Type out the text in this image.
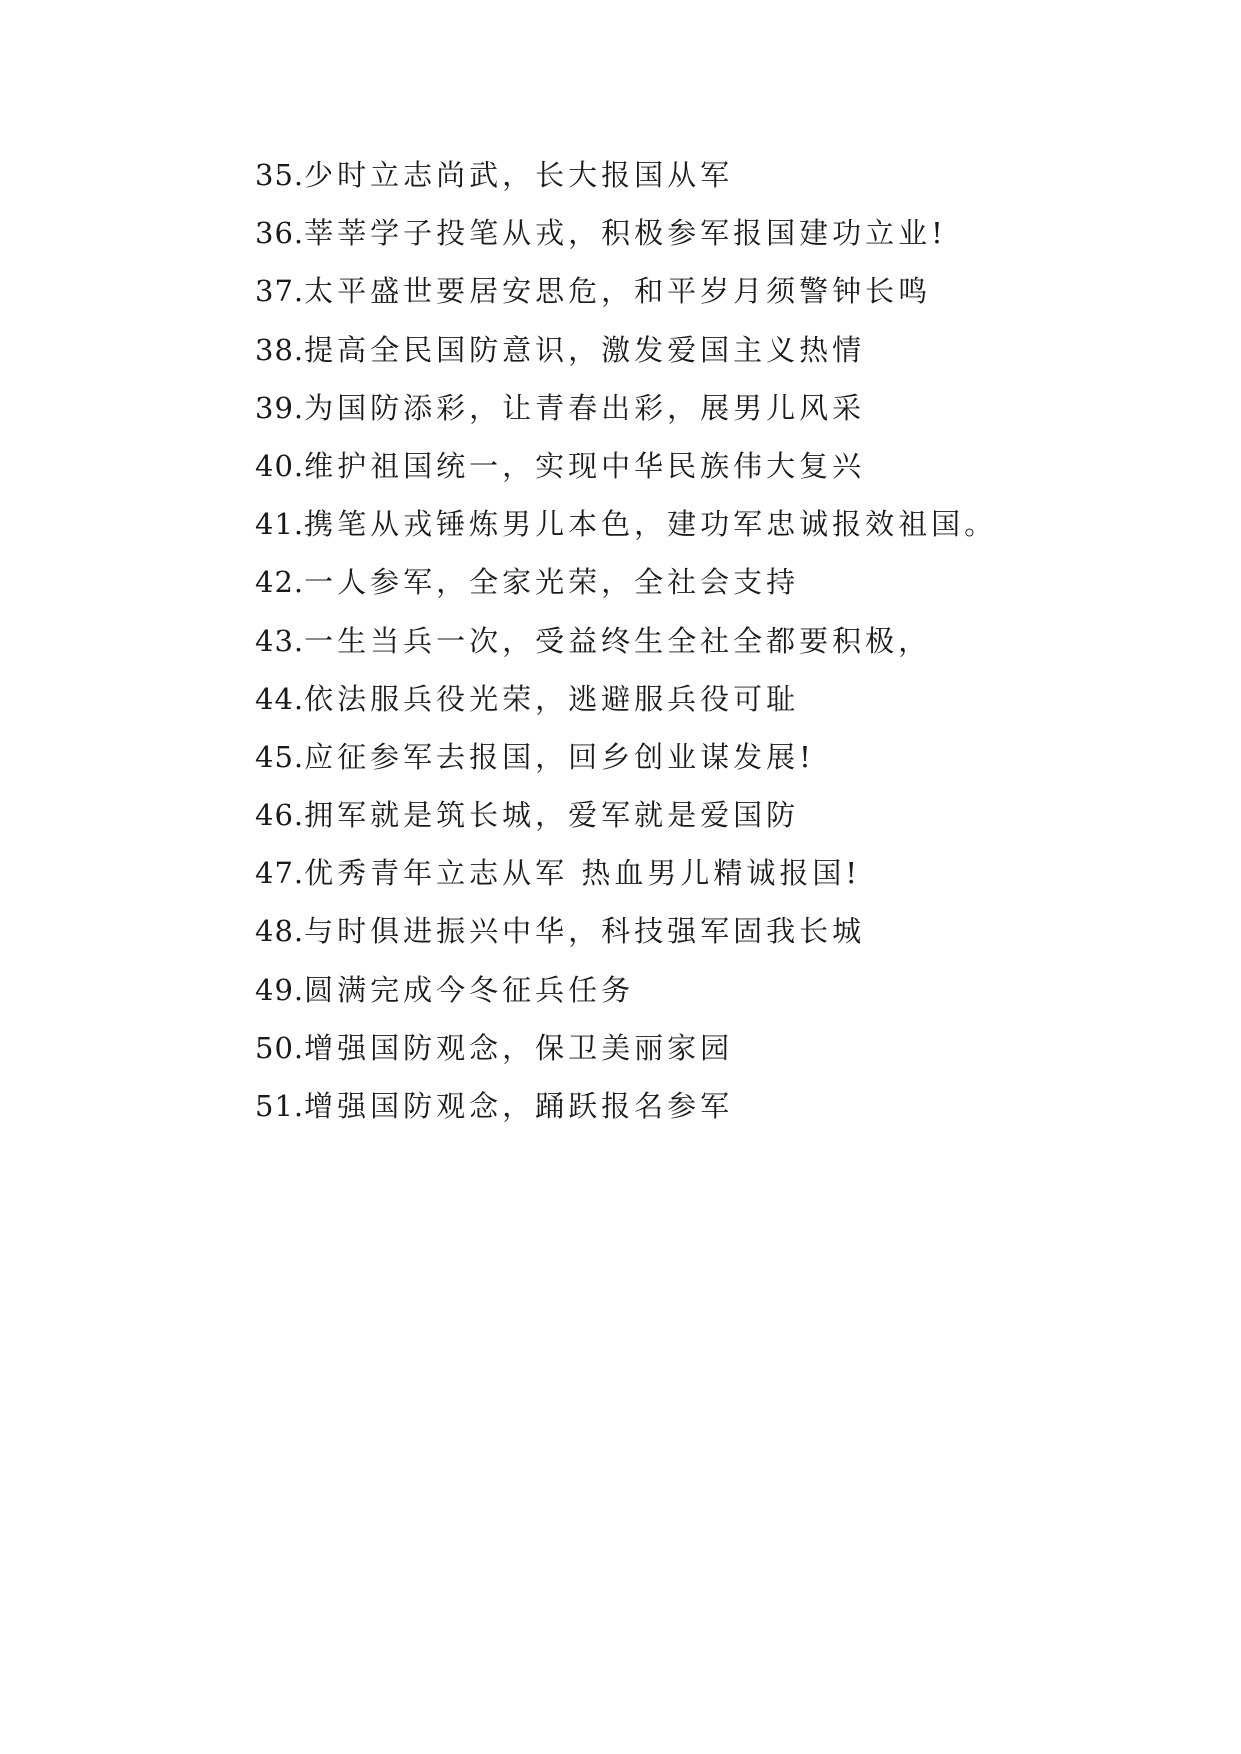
35.少时立志尚武，长大报国从军
36.莘莘学子投笔从戎，积极参军报国建功立业!
37.太平盛世要居安思危，和平岁月须警钟长鸣
38.提高全民国防意识，激发爱国主义热情
39.为国防添彩，让青春出彩，展男儿风采
40.维护祖国统一，实现中华民族伟大复兴
41.携笔从戎锤炼男儿本色，建功军忠诚报效祖国。
42.一人参军，全家光荣，全社会支持
43.一生当兵一次，受益终生全社全都要积极，
44.依法服兵役光荣，逃避服兵役可耻
45.应征参军去报国，回乡创业谋发展!
46.拥军就是筑长城，爱军就是爱国防
47.优秀青年立志从军 热血男儿精诚报国!
48.与时俱进振兴中华，科技强军固我长城
49.圆满完成今冬征兵任务
50.增强国防观念，保卫美丽家园
51.增强国防观念，踊跃报名参军
